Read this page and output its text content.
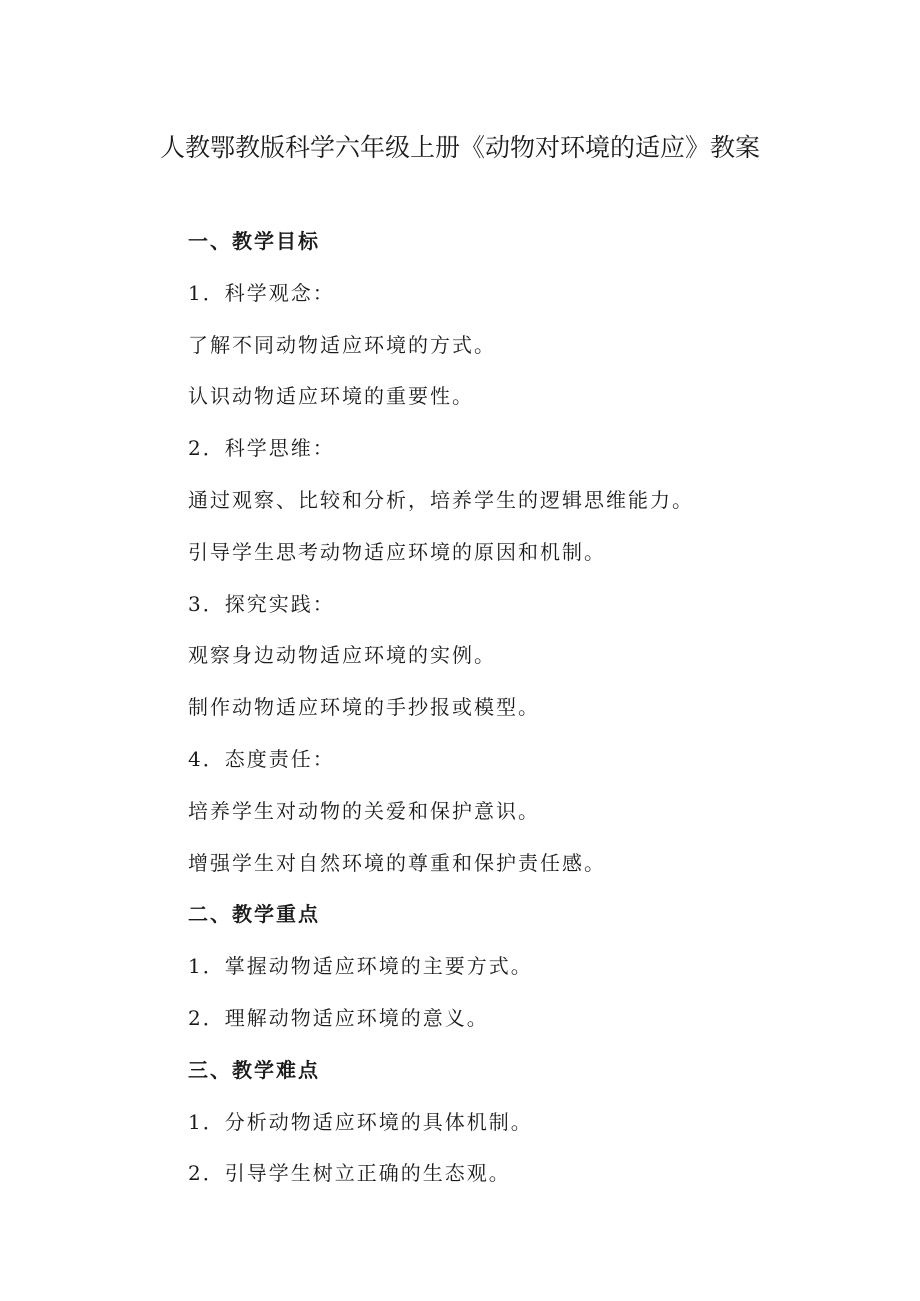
人教鄂教版科学六年级上册《动物对环境的适应》教案
一、教学目标
1．科学观念：
了解不同动物适应环境的方式。
认识动物适应环境的重要性。
2．科学思维：
通过观察、比较和分析，培养学生的逻辑思维能力。
引导学生思考动物适应环境的原因和机制。
3．探究实践：
观察身边动物适应环境的实例。
制作动物适应环境的手抄报或模型。
4．态度责任：
培养学生对动物的关爱和保护意识。
增强学生对自然环境的尊重和保护责任感。
二、教学重点
1．掌握动物适应环境的主要方式。
2．理解动物适应环境的意义。
三、教学难点
1．分析动物适应环境的具体机制。
2．引导学生树立正确的生态观。
